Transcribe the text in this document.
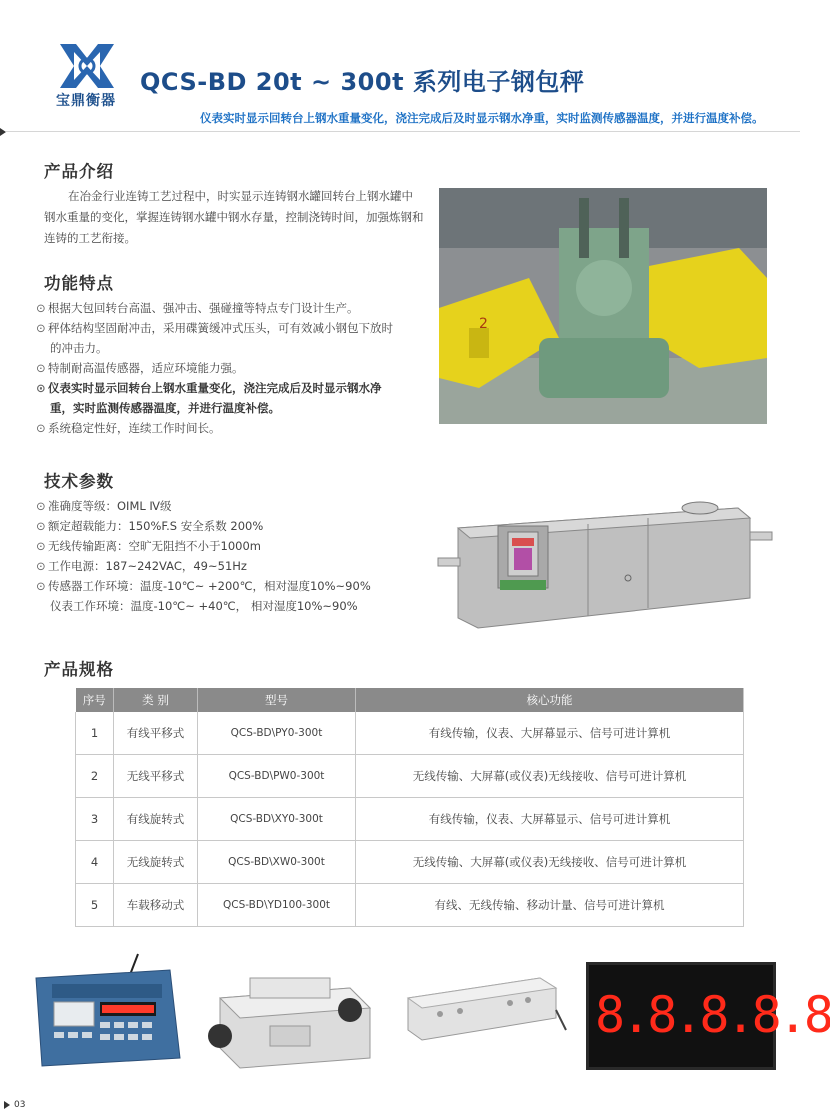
宝鼎衡器
QCS-BD 20t ~ 300t 系列电子钢包秤
仪表实时显示回转台上钢水重量变化，浇注完成后及时显示钢水净重，实时监测传感器温度，并进行温度补偿。
产品介绍
在冶金行业连铸工艺过程中，时实显示连铸钢水罐回转台上钢水罐中钢水重量的变化，掌握连铸钢水罐中钢水存量，控制浇铸时间，加强炼钢和连铸的工艺衔接。
2
功能特点
⊙ 根据大包回转台高温、强冲击、强碰撞等特点专门设计生产。
⊙ 秤体结构坚固耐冲击，采用碟簧缓冲式压头，可有效减小钢包下放时
的冲击力。
⊙ 特制耐高温传感器，适应环境能力强。
⊙ 仪表实时显示回转台上钢水重量变化，浇注完成后及时显示钢水净
重，实时监测传感器温度，并进行温度补偿。
⊙ 系统稳定性好，连续工作时间长。
技术参数
⊙ 准确度等级：OIML Ⅳ级
⊙ 额定超载能力：150%F.S 安全系数 200%
⊙ 无线传输距离：空旷无阻挡不小于1000m
⊙ 工作电源：187~242VAC，49~51Hz
⊙ 传感器工作环境：温度-10℃~ +200℃，相对湿度10%~90%
仪表工作环境：温度-10℃~ +40℃， 相对湿度10%~90%
产品规格
序号	类 别	型号	核心功能
1	有线平移式	QCS-BD\PY0-300t	有线传输，仪表、大屏幕显示、信号可进计算机
2	无线平移式	QCS-BD\PW0-300t	无线传输、大屏幕(或仪表)无线接收、信号可进计算机
3	有线旋转式	QCS-BD\XY0-300t	有线传输，仪表、大屏幕显示、信号可进计算机
4	无线旋转式	QCS-BD\XW0-300t	无线传输、大屏幕(或仪表)无线接收、信号可进计算机
5	车载移动式	QCS-BD\YD100-300t	有线、无线传输、移动计量、信号可进计算机
8.8.8.8.8
03
